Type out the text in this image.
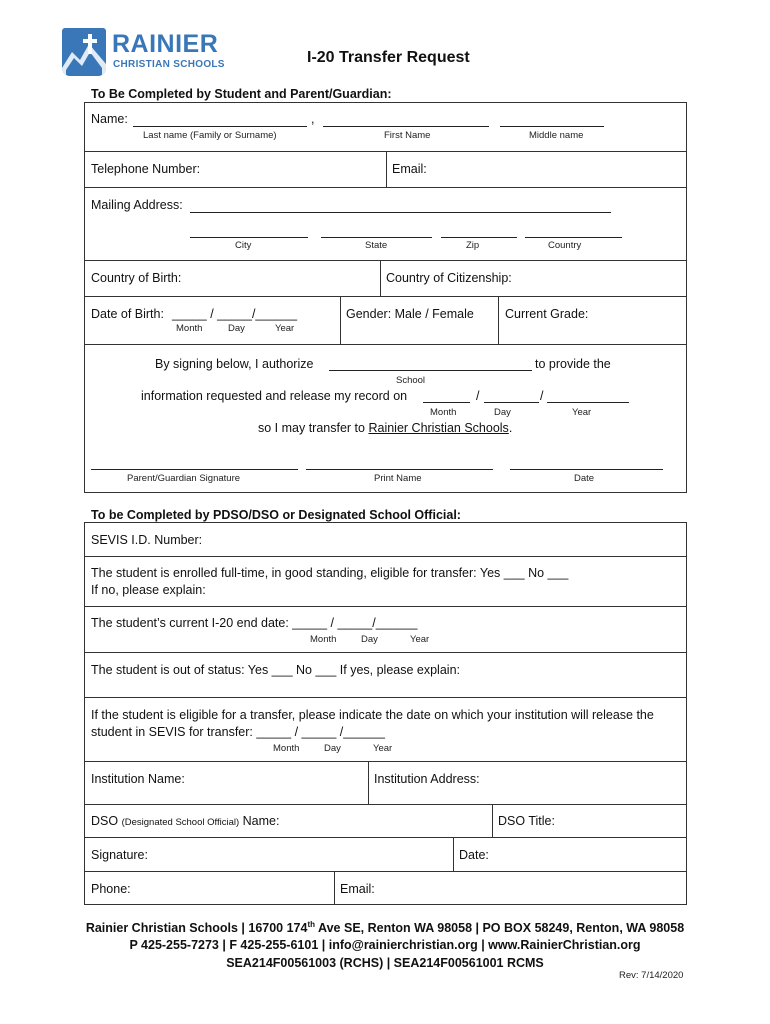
RAINIER
CHRISTIAN SCHOOLS	I-20 Transfer Request
To Be Completed by Student and Parent/Guardian:
Name:	,
Last name (Family or Surname)	First Name	Middle name
Telephone Number:	Email:
Mailing Address:
City	State	Zip	Country
Country of Birth:	Country of Citizenship:
Date of Birth: _____ / _____/______
Month	Day	Year
Gender: Male / Female Current Grade:
By signing below, I authorize	to provide the
School
information requested and release my record on	/	/
Month	Day	Year
so I may transfer to Rainier Christian Schools.
Parent/Guardian Signature	Print Name	Date
To be Completed by PDSO/DSO or Designated School Official:
SEVIS I.D. Number:
The student is enrolled full-time, in good standing, eligible for transfer: Yes ___ No ___
If no, please explain:
The student’s current I-20 end date: _____ / _____/______
Month	Day	Year
The student is out of status: Yes ___ No ___ If yes, please explain:
If the student is eligible for a transfer, please indicate the date on which your institution will release the
student in SEVIS for transfer: _____ / _____ /______
Month	Day	Year
Institution Name:	Institution Address:
DSO (Designated School Official) Name:	DSO Title:
Signature:	Date:
Phone:	Email:
Rainier Christian Schools | 16700 174th Ave SE, Renton WA 98058 | PO BOX 58249, Renton, WA 98058
P 425-255-7273 | F 425-255-6101 | info@rainierchristian.org | www.RainierChristian.org
SEA214F00561003 (RCHS) | SEA214F00561001 RCMS
Rev: 7/14/2020
